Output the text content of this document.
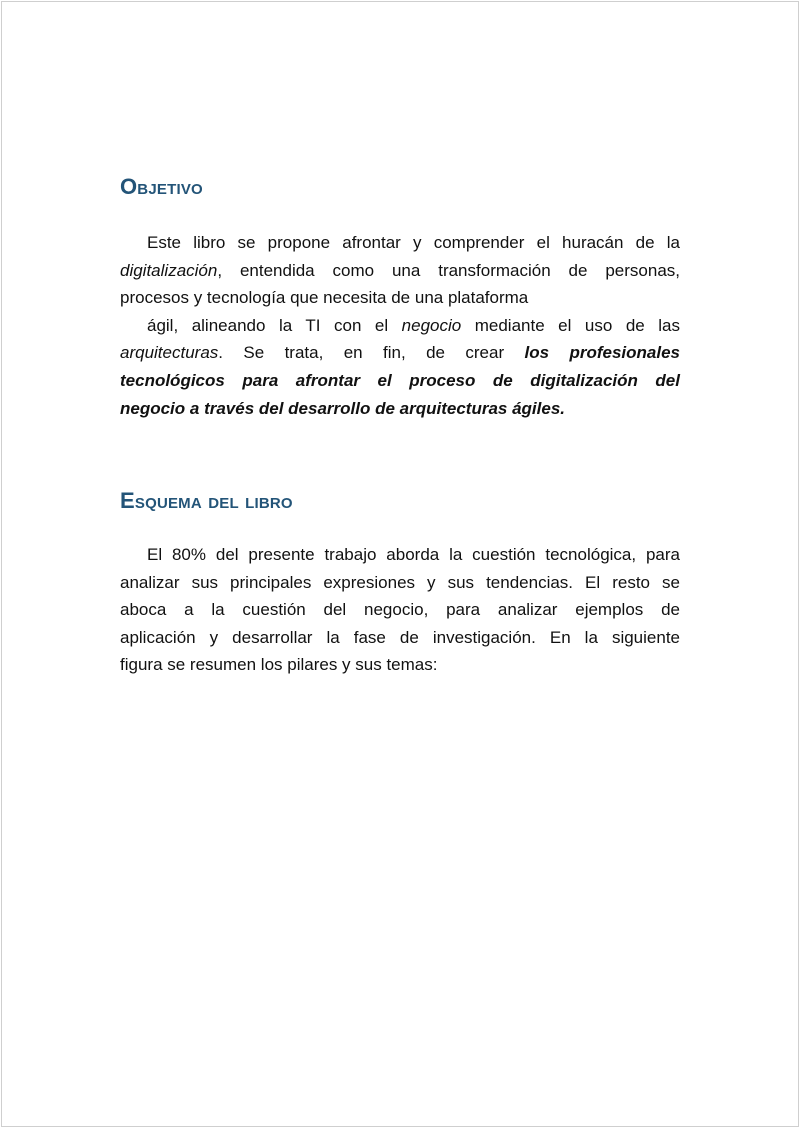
Objetivo
Este libro se propone afrontar y comprender el huracán de la
digitalización, entendida como una transformación de personas,
procesos y tecnología que necesita de una plataforma
ágil, alineando la TI con el negocio mediante el uso de las
arquitecturas. Se trata, en fin, de crear los profesionales
tecnológicos para afrontar el proceso de digitalización del
negocio a través del desarrollo de arquitecturas ágiles.
Esquema del libro
El 80% del presente trabajo aborda la cuestión tecnológica, para
analizar sus principales expresiones y sus tendencias. El resto se
aboca a la cuestión del negocio, para analizar ejemplos de
aplicación y desarrollar la fase de investigación. En la siguiente
figura se resumen los pilares y sus temas:
